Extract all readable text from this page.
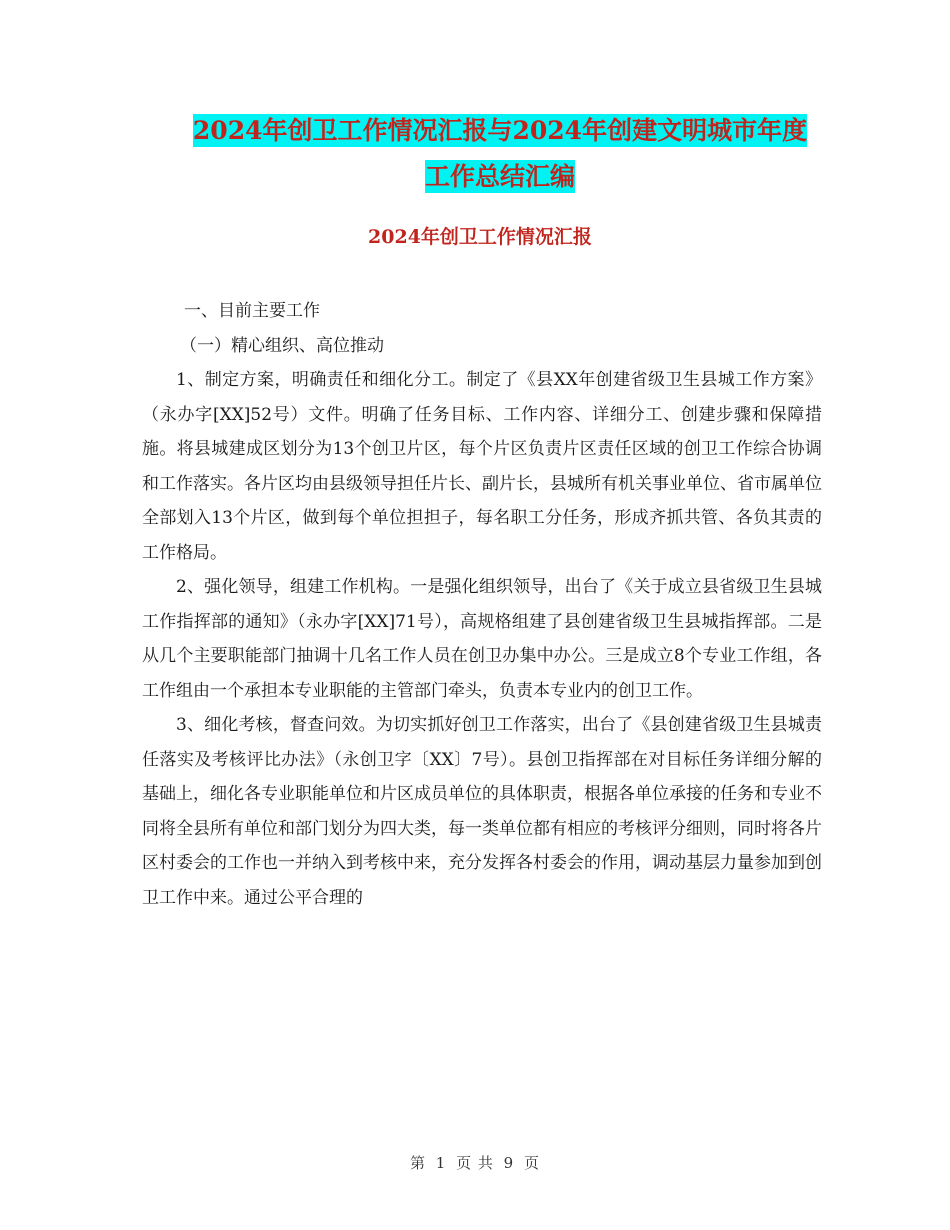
2024年创卫工作情况汇报与2024年创建文明城市年度
工作总结汇编
2024年创卫工作情况汇报

一、目前主要工作

（一）精心组织、高位推动

1、制定方案，明确责任和细化分工。制定了《县XX年创建省级卫生县城工作方案》（永办字[XX]52号）文件。明确了任务目标、工作内容、详细分工、创建步骤和保障措施。将县城建成区划分为13个创卫片区，每个片区负责片区责任区域的创卫工作综合协调和工作落实。各片区均由县级领导担任片长、副片长，县城所有机关事业单位、省市属单位全部划入13个片区，做到每个单位担担子，每名职工分任务，形成齐抓共管、各负其责的工作格局。

2、强化领导，组建工作机构。一是强化组织领导，出台了《关于成立县省级卫生县城工作指挥部的通知》（永办字[XX]71号），高规格组建了县创建省级卫生县城指挥部。二是从几个主要职能部门抽调十几名工作人员在创卫办集中办公。三是成立8个专业工作组，各工作组由一个承担本专业职能的主管部门牵头，负责本专业内的创卫工作。

3、细化考核，督查问效。为切实抓好创卫工作落实，出台了《县创建省级卫生县城责任落实及考核评比办法》（永创卫字〔XX〕7号）。县创卫指挥部在对目标任务详细分解的基础上，细化各专业职能单位和片区成员单位的具体职责，根据各单位承接的任务和专业不同将全县所有单位和部门划分为四大类，每一类单位都有相应的考核评分细则，同时将各片区村委会的工作也一并纳入到考核中来，充分发挥各村委会的作用，调动基层力量参加到创卫工作中来。通过公平合理的

第 1 页 共 9 页
